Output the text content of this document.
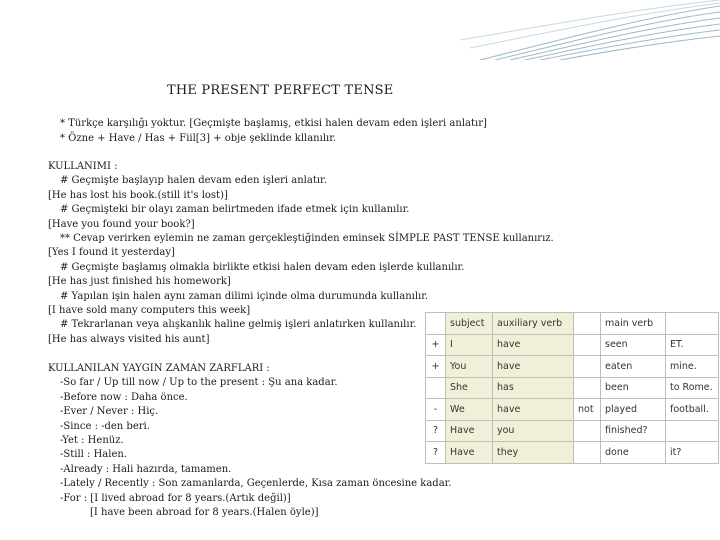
THE PRESENT PERFECT TENSE
* Türkçe karşılığı yoktur. [Geçmişte başlamış, etkisi halen devam eden işleri anlatır]
* Özne + Have / Has + Fiil[3] + obje şeklinde kllanılır.
KULLANIMI :
# Geçmişte başlayıp halen devam eden işleri anlatır.
[He has lost his book.(still it's lost)]
# Geçmişteki bir olayı zaman belirtmeden ifade etmek için kullanılır.
[Have you found your book?]
** Cevap verirken eylemin ne zaman gerçekleştiğinden eminsek SİMPLE PAST TENSE kullanırız.
[Yes I found it yesterday]
# Geçmişte başlamış olmakla birlikte etkisi halen devam eden işlerde kullanılır.
[He has just finished his homework]
# Yapılan işin halen aynı zaman dilimi içinde olma durumunda kullanılır.
[I have sold many computers this week]
# Tekrarlanan veya alışkanlık haline gelmiş işleri anlatırken kullanılır.
[He has always visited his aunt]
KULLANILAN YAYGIN ZAMAN ZARFLARI :
-So far / Up till now / Up to the present : Şu ana kadar.
-Before now : Daha önce.
-Ever / Never : Hiç.
-Since : -den beri.
-Yet : Henüz.
-Still : Halen.
-Already : Hali hazırda, tamamen.
-Lately / Recently : Son zamanlarda, Geçenlerde, Kısa zaman öncesine kadar.
-For : [I lived abroad for 8 years.(Artık değil)]
[I have been abroad for 8 years.(Halen öyle)]
	subject	auxiliary verb		main verb	
+	I	have		seen	ET.
+	You	have		eaten	mine.
	She	has		been	to Rome.
-	We	have	not	played	football.
?	Have	you		finished?	
?	Have	they		done	it?
